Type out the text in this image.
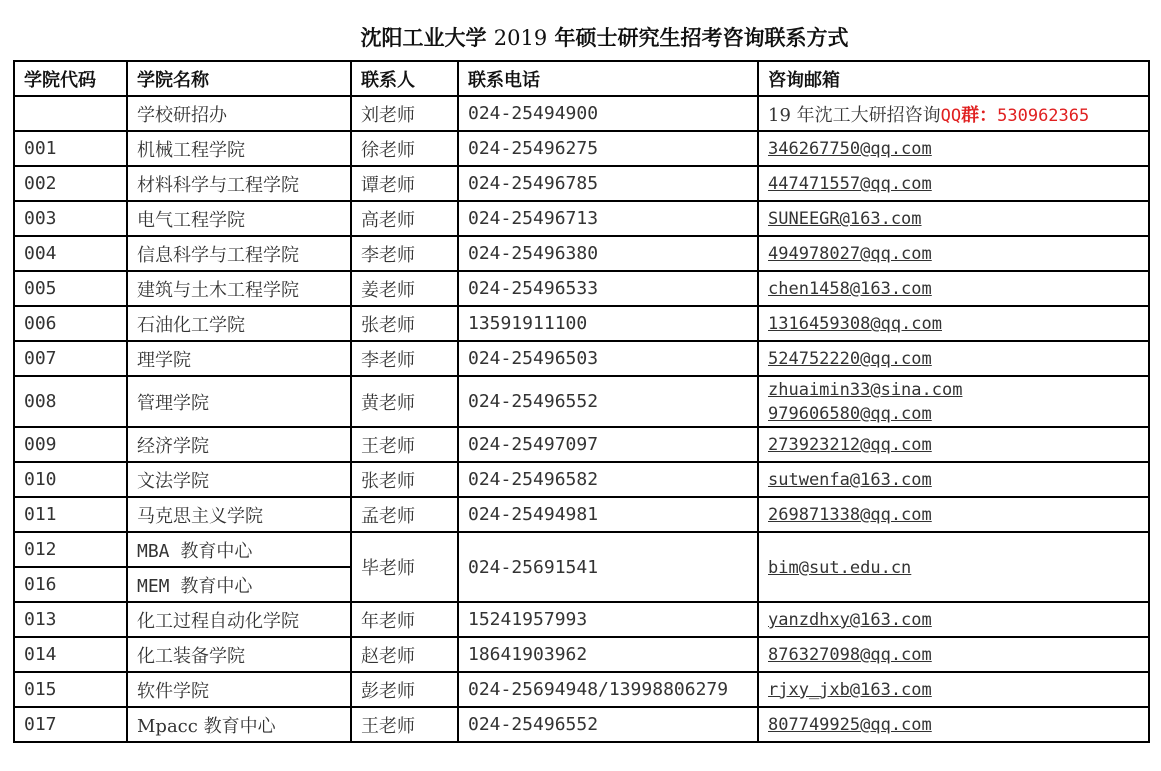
沈阳工业大学 2019 年硕士研究生招考咨询联系方式
学院代码	学院名称	联系人	联系电话	咨询邮箱
	学校研招办	刘老师	024-25494900	19 年沈工大研招咨询QQ群：530962365
001	机械工程学院	徐老师	024-25496275	346267750@qq.com
002	材料科学与工程学院	谭老师	024-25496785	447471557@qq.com
003	电气工程学院	高老师	024-25496713	SUNEEGR@163.com
004	信息科学与工程学院	李老师	024-25496380	494978027@qq.com
005	建筑与土木工程学院	姜老师	024-25496533	chen1458@163.com
006	石油化工学院	张老师	13591911100	1316459308@qq.com
007	理学院	李老师	024-25496503	524752220@qq.com
008	管理学院	黄老师	024-25496552	zhuaimin33@sina.com
979606580@qq.com

009	经济学院	王老师	024-25497097	273923212@qq.com
010	文法学院	张老师	024-25496582	sutwenfa@163.com
011	马克思主义学院	孟老师	024-25494981	269871338@qq.com
012	MBA 教育中心	毕老师	024-25691541	bim@sut.edu.cn
016	MEM 教育中心			
013	化工过程自动化学院	年老师	15241957993	yanzdhxy@163.com
014	化工装备学院	赵老师	18641903962	876327098@qq.com
015	软件学院	彭老师	024-25694948/13998806279	rjxy_jxb@163.com
017	Mpacc 教育中心	王老师	024-25496552	807749925@qq.com
